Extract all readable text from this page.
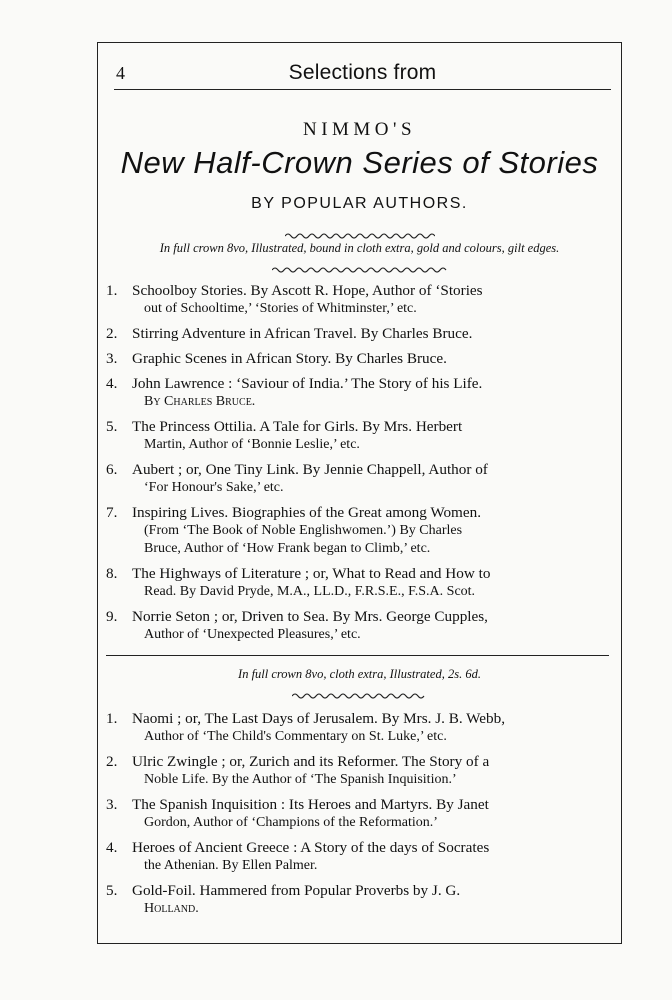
4	Selections from
NIMMO'S
New Half-Crown Series of Stories
BY POPULAR AUTHORS.
In full crown 8vo, Illustrated, bound in cloth extra, gold and colours, gilt edges.
1. Schoolboy Stories. By Ascott R. Hope, Author of ‘Stories
out of Schooltime,’ ‘Stories of Whitminster,’ etc.
2. Stirring Adventure in African Travel. By Charles Bruce.
3. Graphic Scenes in African Story. By Charles Bruce.
4. John Lawrence : ‘Saviour of India.’ The Story of his Life.
By Charles Bruce.
5. The Princess Ottilia. A Tale for Girls. By Mrs. Herbert
Martin, Author of ‘Bonnie Leslie,’ etc.
6. Aubert ; or, One Tiny Link. By Jennie Chappell, Author of
‘For Honour's Sake,’ etc.
7. Inspiring Lives. Biographies of the Great among Women.
(From ‘The Book of Noble Englishwomen.’) By Charles
Bruce, Author of ‘How Frank began to Climb,’ etc.
8. The Highways of Literature ; or, What to Read and How to
Read. By David Pryde, M.A., LL.D., F.R.S.E., F.S.A. Scot.
9. Norrie Seton ; or, Driven to Sea. By Mrs. George Cupples,
Author of ‘Unexpected Pleasures,’ etc.
In full crown 8vo, cloth extra, Illustrated, 2s. 6d.
1. Naomi ; or, The Last Days of Jerusalem. By Mrs. J. B. Webb,
Author of ‘The Child's Commentary on St. Luke,’ etc.
2. Ulric Zwingle ; or, Zurich and its Reformer. The Story of a
Noble Life. By the Author of ‘The Spanish Inquisition.’
3. The Spanish Inquisition : Its Heroes and Martyrs. By Janet
Gordon, Author of ‘Champions of the Reformation.’
4. Heroes of Ancient Greece : A Story of the days of Socrates
the Athenian. By Ellen Palmer.
5. Gold-Foil. Hammered from Popular Proverbs by J. G.
Holland.
